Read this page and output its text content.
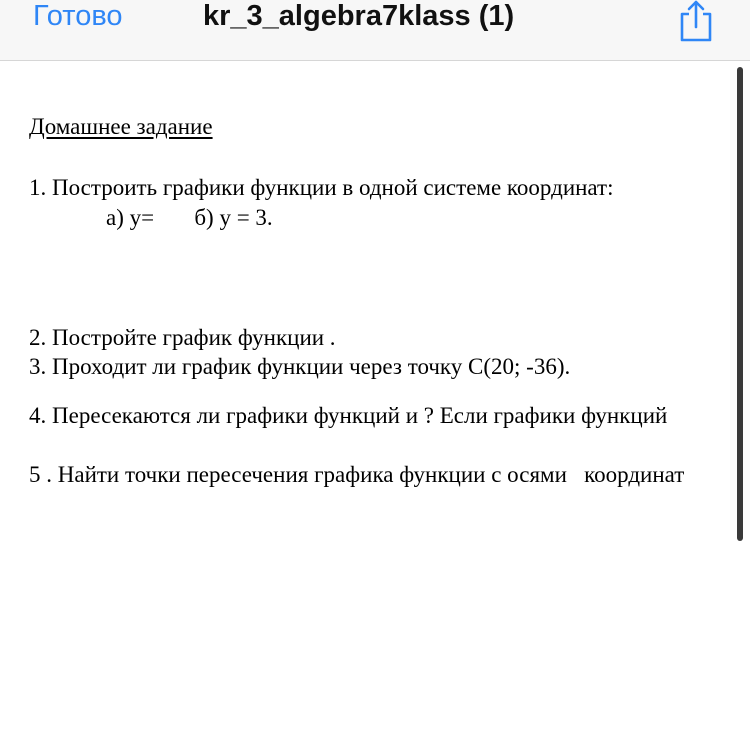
Готово	kr_3_algebra7klass (1)
Домашнее задание
1. Построить графики функции в одной системе координат:
а) у=       б) у = 3.
2. Постройте график функции .
3. Проходит ли график функции через точку С(20; -36).
4. Пересекаются ли графики функций и ? Если графики функций
5 . Найти точки пересечения графика функции с осями   координат
